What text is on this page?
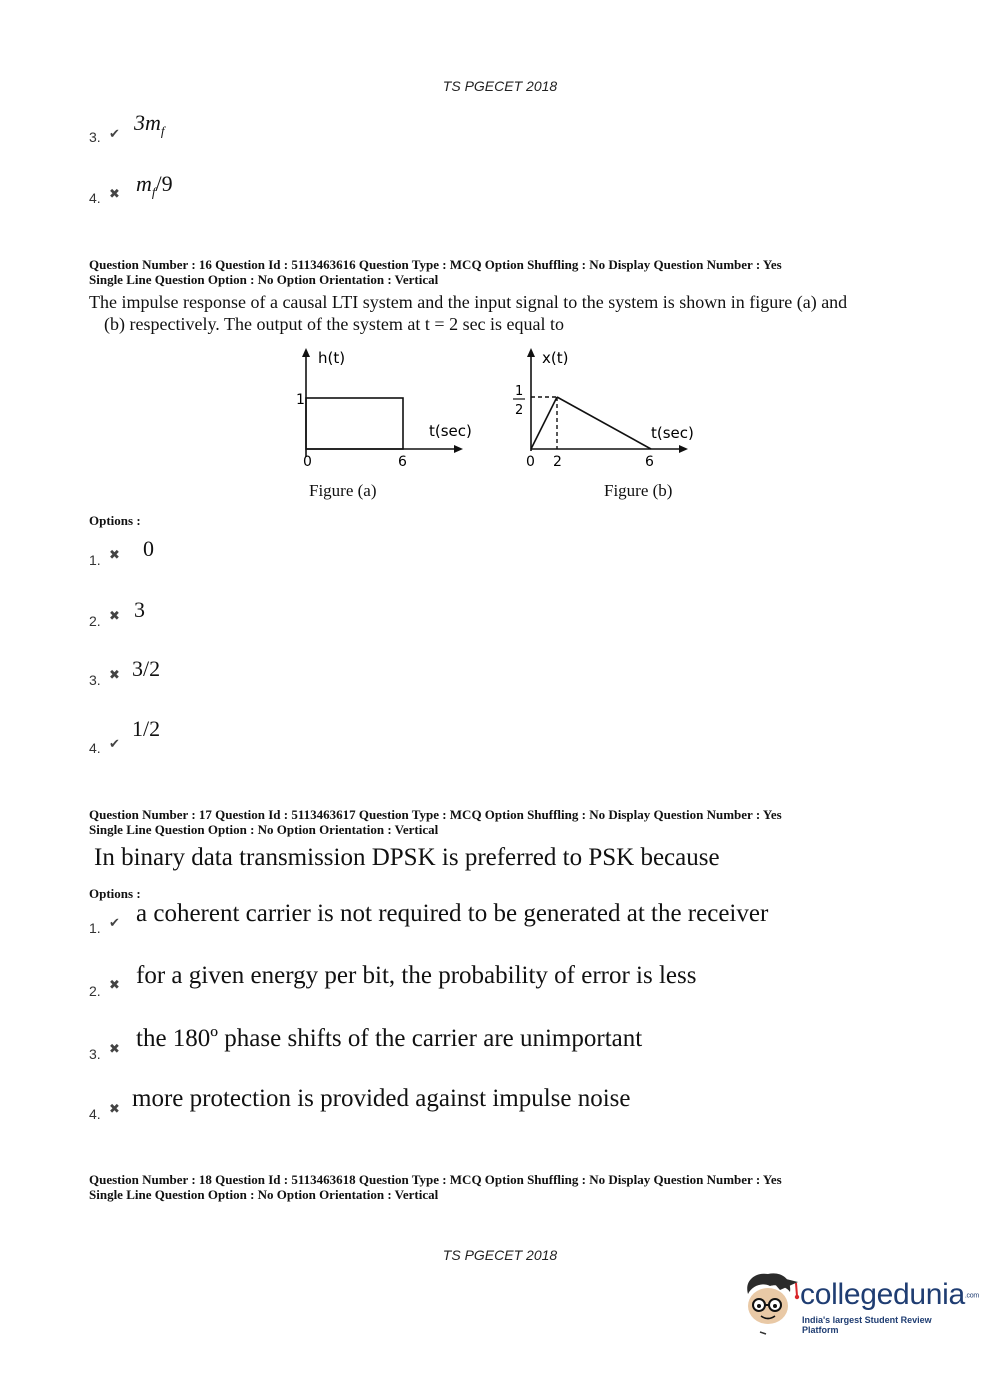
TS PGECET 2018
3. ✔ $3m_f$
4. ✖ $m_f/9$
Question Number : 16 Question Id : 5113463616 Question Type : MCQ Option Shuffling : No Display Question Number : Yes
Single Line Question Option : No Option Orientation : Vertical
The impulse response of a causal LTI system and the input signal to the system is shown in figure (a) and
(b) respectively. The output of the system at t = 2 sec is equal to
h(t)
1
t(sec)
0	6
Figure (a)
x(t)
1
2
t(sec)
0 2	6
Figure (b)
Options :
1. ✖ 0
2. ✖ 3
3. ✖ 3/2
4. ✔
1/2
Question Number : 17 Question Id : 5113463617 Question Type : MCQ Option Shuffling : No Display Question Number : Yes
Single Line Question Option : No Option Orientation : Vertical
In binary data transmission DPSK is preferred to PSK because
Options :
1. ✔ a coherent carrier is not required to be generated at the receiver
2. ✖ for a given energy per bit, the probability of error is less
3. ✖ the 180º phase shifts of the carrier are unimportant
4. ✖ more protection is provided against impulse noise
Question Number : 18 Question Id : 5113463618 Question Type : MCQ Option Shuffling : No Display Question Number : Yes
Single Line Question Option : No Option Orientation : Vertical
TS PGECET 2018
collegedunia.com
India's largest Student Review Platform
